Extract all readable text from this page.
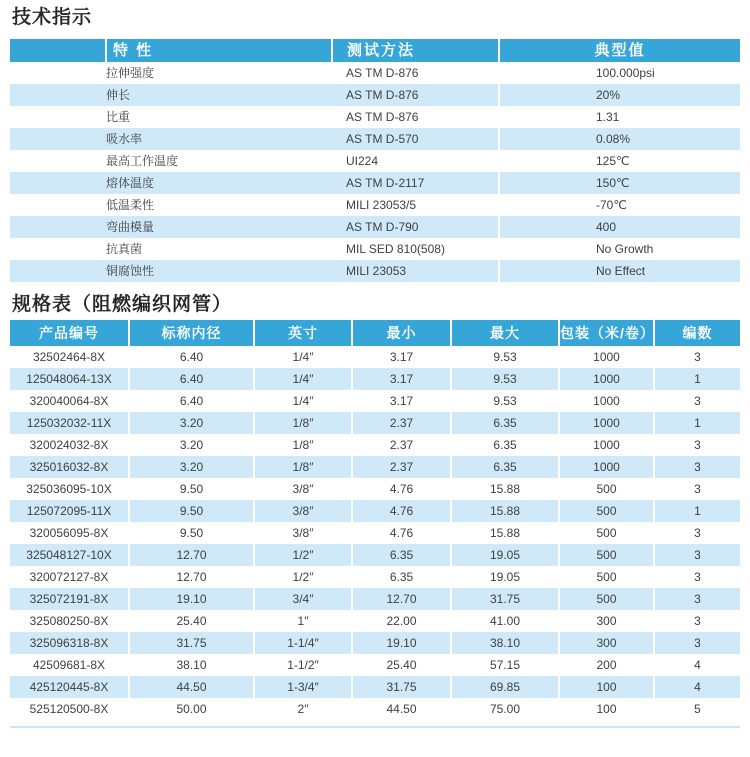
技术指示
特 性	测试方法	典型值
拉伸强度	AS TM D-876	100.000psi
伸长	AS TM D-876	20%
比重	AS TM D-876	1.31
吸水率	AS TM D-570	0.08%
最高工作温度	UI224	125℃
熔体温度	AS TM D-2117	150℃
低温柔性	MILI 23053/5	-70℃
弯曲模量	AS TM D-790	400
抗真菌	MIL SED 810(508)	No Growth
铜腐蚀性	MILI 23053	No Effect
规格表（阻燃编织网管）
产品编号	标称内径	英寸	最小	最大	包装（米/卷）	编数
32502464-8X	6.40	1/4″	3.17	9.53	1000	3
125048064-13X	6.40	1/4″	3.17	9.53	1000	1
320040064-8X	6.40	1/4″	3.17	9.53	1000	3
125032032-11X	3.20	1/8″	2.37	6.35	1000	1
320024032-8X	3.20	1/8″	2.37	6.35	1000	3
325016032-8X	3.20	1/8″	2.37	6.35	1000	3
325036095-10X	9.50	3/8″	4.76	15.88	500	3
125072095-11X	9.50	3/8″	4.76	15.88	500	1
320056095-8X	9.50	3/8″	4.76	15.88	500	3
325048127-10X	12.70	1/2″	6.35	19.05	500	3
320072127-8X	12.70	1/2″	6.35	19.05	500	3
325072191-8X	19.10	3/4″	12.70	31.75	500	3
325080250-8X	25.40	1″	22.00	41.00	300	3
325096318-8X	31.75	1-1/4″	19.10	38.10	300	3
42509681-8X	38.10	1-1/2″	25.40	57.15	200	4
425120445-8X	44.50	1-3/4″	31.75	69.85	100	4
525120500-8X	50.00	2″	44.50	75.00	100	5
